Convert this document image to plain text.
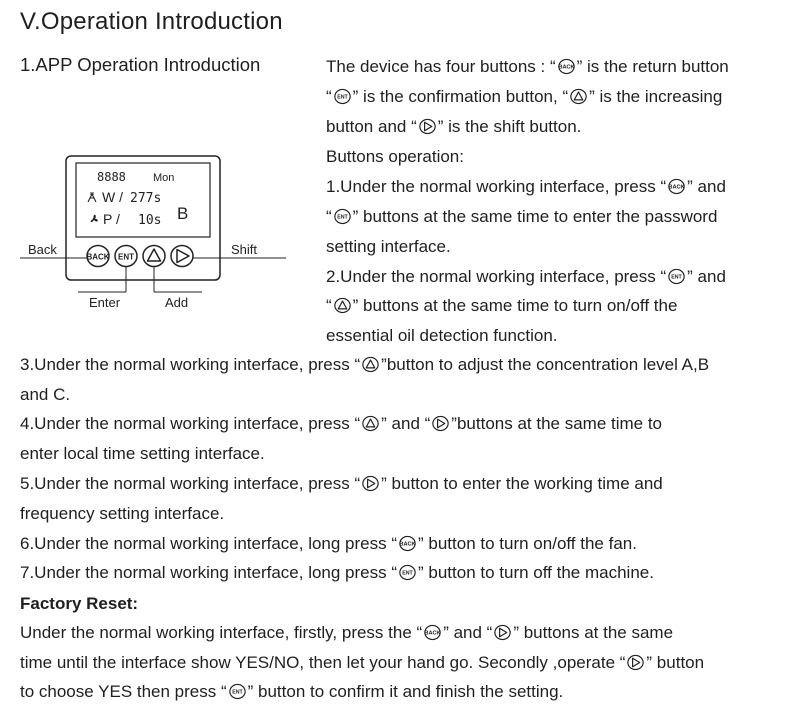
V.Operation Introduction
1.APP Operation Introduction
8888 Mon
W / 277s
P / 10s B
BACK ENT
Back	Shift
Enter	Add
The device has four buttons : “ ” is the return button
“ ” is the confirmation button, “ ” is the increasing
button and “ ” is the shift button.
Buttons operation:
1.Under the normal working interface, press “ ” and
“ ” buttons at the same time to enter the password
setting interface.
2.Under the normal working interface, press “ ” and
“ ” buttons at the same time to turn on/off the
essential oil detection function.
3.Under the normal working interface, press “ ”button to adjust the concentration level A,B
and C.
4.Under the normal working interface, press “ ” and “ ”buttons at the same time to
enter local time setting interface.
5.Under the normal working interface, press “ ” button to enter the working time and
frequency setting interface.
6.Under the normal working interface, long press “ ” button to turn on/off the fan.
7.Under the normal working interface, long press “ ” button to turn off the machine.
Factory Reset:
Under the normal working interface, firstly, press the “ ” and “ ” buttons at the same
time until the interface show YES/NO, then let your hand go. Secondly ,operate “ ” button
to choose YES then press “ ” button to confirm it and finish the setting.
